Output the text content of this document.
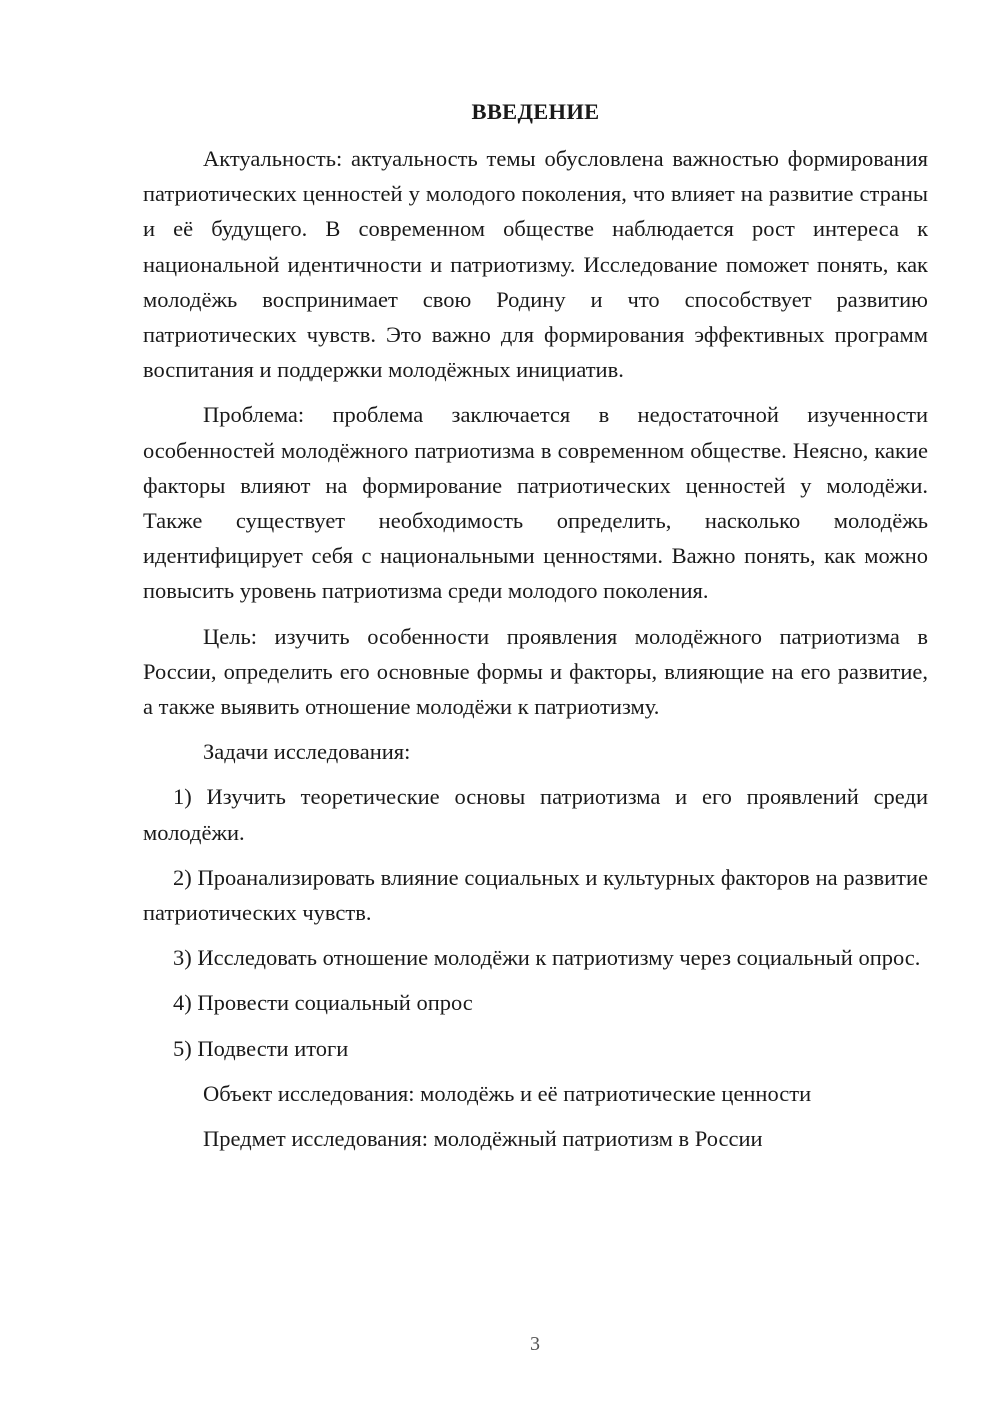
ВВЕДЕНИЕ

Актуальность: актуальность темы обусловлена важностью формирования патриотических ценностей у молодого поколения, что влияет на развитие страны и её будущего. В современном обществе наблюдается рост интереса к национальной идентичности и патриотизму. Исследование поможет понять, как молодёжь воспринимает свою Родину и что способствует развитию патриотических чувств. Это важно для формирования эффективных программ воспитания и поддержки молодёжных инициатив.

Проблема: проблема заключается в недостаточной изученности особенностей молодёжного патриотизма в современном обществе. Неясно, какие факторы влияют на формирование патриотических ценностей у молодёжи. Также существует необходимость определить, насколько молодёжь идентифицирует себя с национальными ценностями. Важно понять, как можно повысить уровень патриотизма среди молодого поколения.

Цель: изучить особенности проявления молодёжного патриотизма в России, определить его основные формы и факторы, влияющие на его развитие, а также выявить отношение молодёжи к патриотизму.

Задачи исследования:

1) Изучить теоретические основы патриотизма и его проявлений среди молодёжи.

2) Проанализировать влияние социальных и культурных факторов на развитие патриотических чувств.

3) Исследовать отношение молодёжи к патриотизму через социальный опрос.

4) Провести социальный опрос

5) Подвести итоги

Объект исследования: молодёжь и её патриотические ценности

Предмет исследования: молодёжный патриотизм в России

3
